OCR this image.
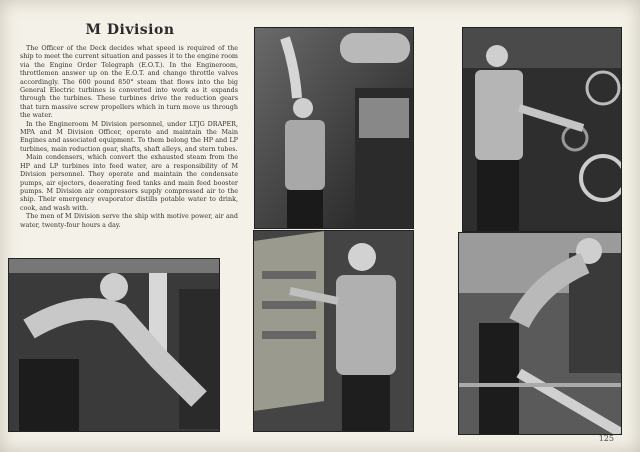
M Division

The Officer of the Deck decides what speed is required of the ship to meet the current situation and passes it to the engine room via the Engine Order Telegraph (E.O.T.). In the Engineroom, throttlemen answer up on the E.O.T. and change throttle valves accordingly. The 600 pound 850° steam that flows into the big General Electric turbines is converted into work as it expands through the turbines. These turbines drive the reduction gears that turn massive screw propellers which in turn move us through the water.

In the Engineroom M Division personnel, under LTJG DRAPER, MPA and M Division Officer, operate and maintain the Main Engines and associated equipment. To them belong the HP and LP turbines, main reduction gear, shafts, shaft alleys, and stern tubes.

Main condensers, which convert the exhausted steam from the HP and LP turbines into feed water, are a responsibility of M Division personnel. They operate and maintain the condensate pumps, air ejectors, deaerating feed tanks and main feed booster pumps. M Division air compressors supply compressed air to the ship. Their emergency evaporator distills potable water to drink, cook, and wash with.

The men of M Division serve the ship with motive power, air and water, twenty-four hours a day.

125
